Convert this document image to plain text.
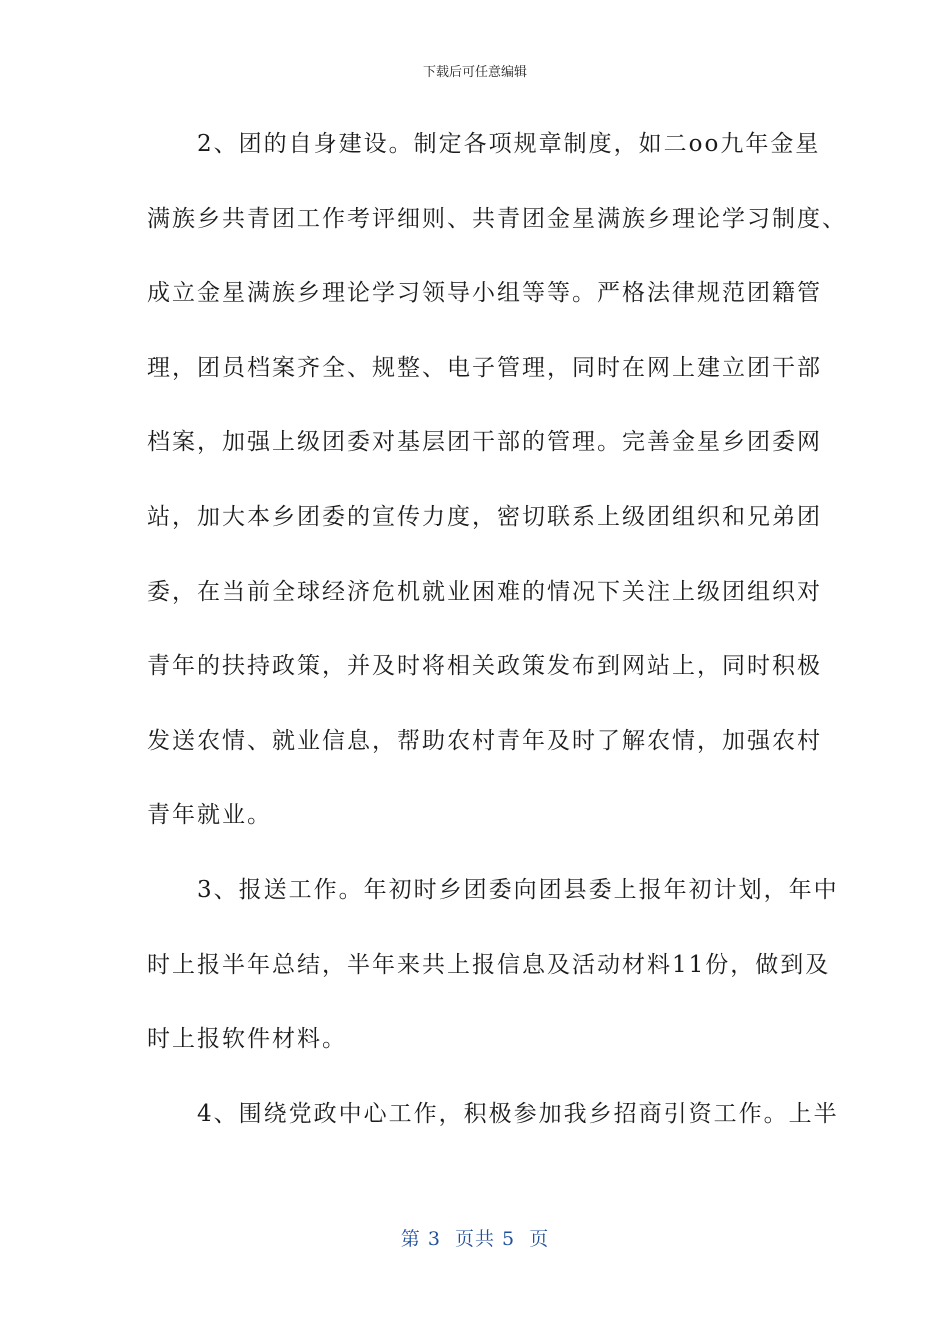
下载后可任意编辑
　　2、团的自身建设。制定各项规章制度，如二oo九年金星
满族乡共青团工作考评细则、共青团金星满族乡理论学习制度、
成立金星满族乡理论学习领导小组等等。严格法律规范团籍管
理，团员档案齐全、规整、电子管理，同时在网上建立团干部
档案，加强上级团委对基层团干部的管理。完善金星乡团委网
站，加大本乡团委的宣传力度，密切联系上级团组织和兄弟团
委，在当前全球经济危机就业困难的情况下关注上级团组织对
青年的扶持政策，并及时将相关政策发布到网站上，同时积极
发送农情、就业信息，帮助农村青年及时了解农情，加强农村
青年就业。
　　3、报送工作。年初时乡团委向团县委上报年初计划，年中
时上报半年总结，半年来共上报信息及活动材料11份，做到及
时上报软件材料。
　　4、围绕党政中心工作，积极参加我乡招商引资工作。上半
第 3  页共 5  页
